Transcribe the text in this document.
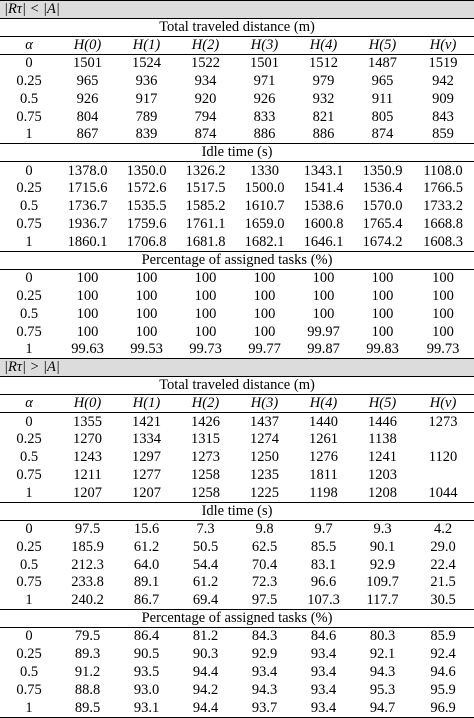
|Rτ| < |A|							
Total traveled distance (m)							
α	H(0)	H(1)	H(2)	H(3)	H(4)	H(5)	H(v)
0	1501	1524	1522	1501	1512	1487	1519
0.25	965	936	934	971	979	965	942
0.5	926	917	920	926	932	911	909
0.75	804	789	794	833	821	805	843
1	867	839	874	886	886	874	859
Idle time (s)							
0	1378.0	1350.0	1326.2	1330	1343.1	1350.9	1108.0
0.25	1715.6	1572.6	1517.5	1500.0	1541.4	1536.4	1766.5
0.5	1736.7	1535.5	1585.2	1610.7	1538.6	1570.0	1733.2
0.75	1936.7	1759.6	1761.1	1659.0	1600.8	1765.4	1668.8
1	1860.1	1706.8	1681.8	1682.1	1646.1	1674.2	1608.3
Percentage of assigned tasks (%)							
0	100	100	100	100	100	100	100
0.25	100	100	100	100	100	100	100
0.5	100	100	100	100	100	100	100
0.75	100	100	100	100	99.97	100	100
1	99.63	99.53	99.73	99.77	99.87	99.83	99.73
|Rτ| > |A|							
Total traveled distance (m)							
α	H(0)	H(1)	H(2)	H(3)	H(4)	H(5)	H(v)
0	1355	1421	1426	1437	1440	1446	1273
0.25	1270	1334	1315	1274	1261	1138	
0.5	1243	1297	1273	1250	1276	1241	1120
0.75	1211	1277	1258	1235	1811	1203	
1	1207	1207	1258	1225	1198	1208	1044
Idle time (s)							
0	97.5	15.6	7.3	9.8	9.7	9.3	4.2
0.25	185.9	61.2	50.5	62.5	85.5	90.1	29.0
0.5	212.3	64.0	54.4	70.4	83.1	92.9	22.4
0.75	233.8	89.1	61.2	72.3	96.6	109.7	21.5
1	240.2	86.7	69.4	97.5	107.3	117.7	30.5
Percentage of assigned tasks (%)							
0	79.5	86.4	81.2	84.3	84.6	80.3	85.9
0.25	89.3	90.5	90.3	92.9	93.4	92.1	92.4
0.5	91.2	93.5	94.4	93.4	93.4	94.3	94.6
0.75	88.8	93.0	94.2	94.3	93.4	95.3	95.9
1	89.5	93.1	94.4	93.7	93.4	94.7	96.9
